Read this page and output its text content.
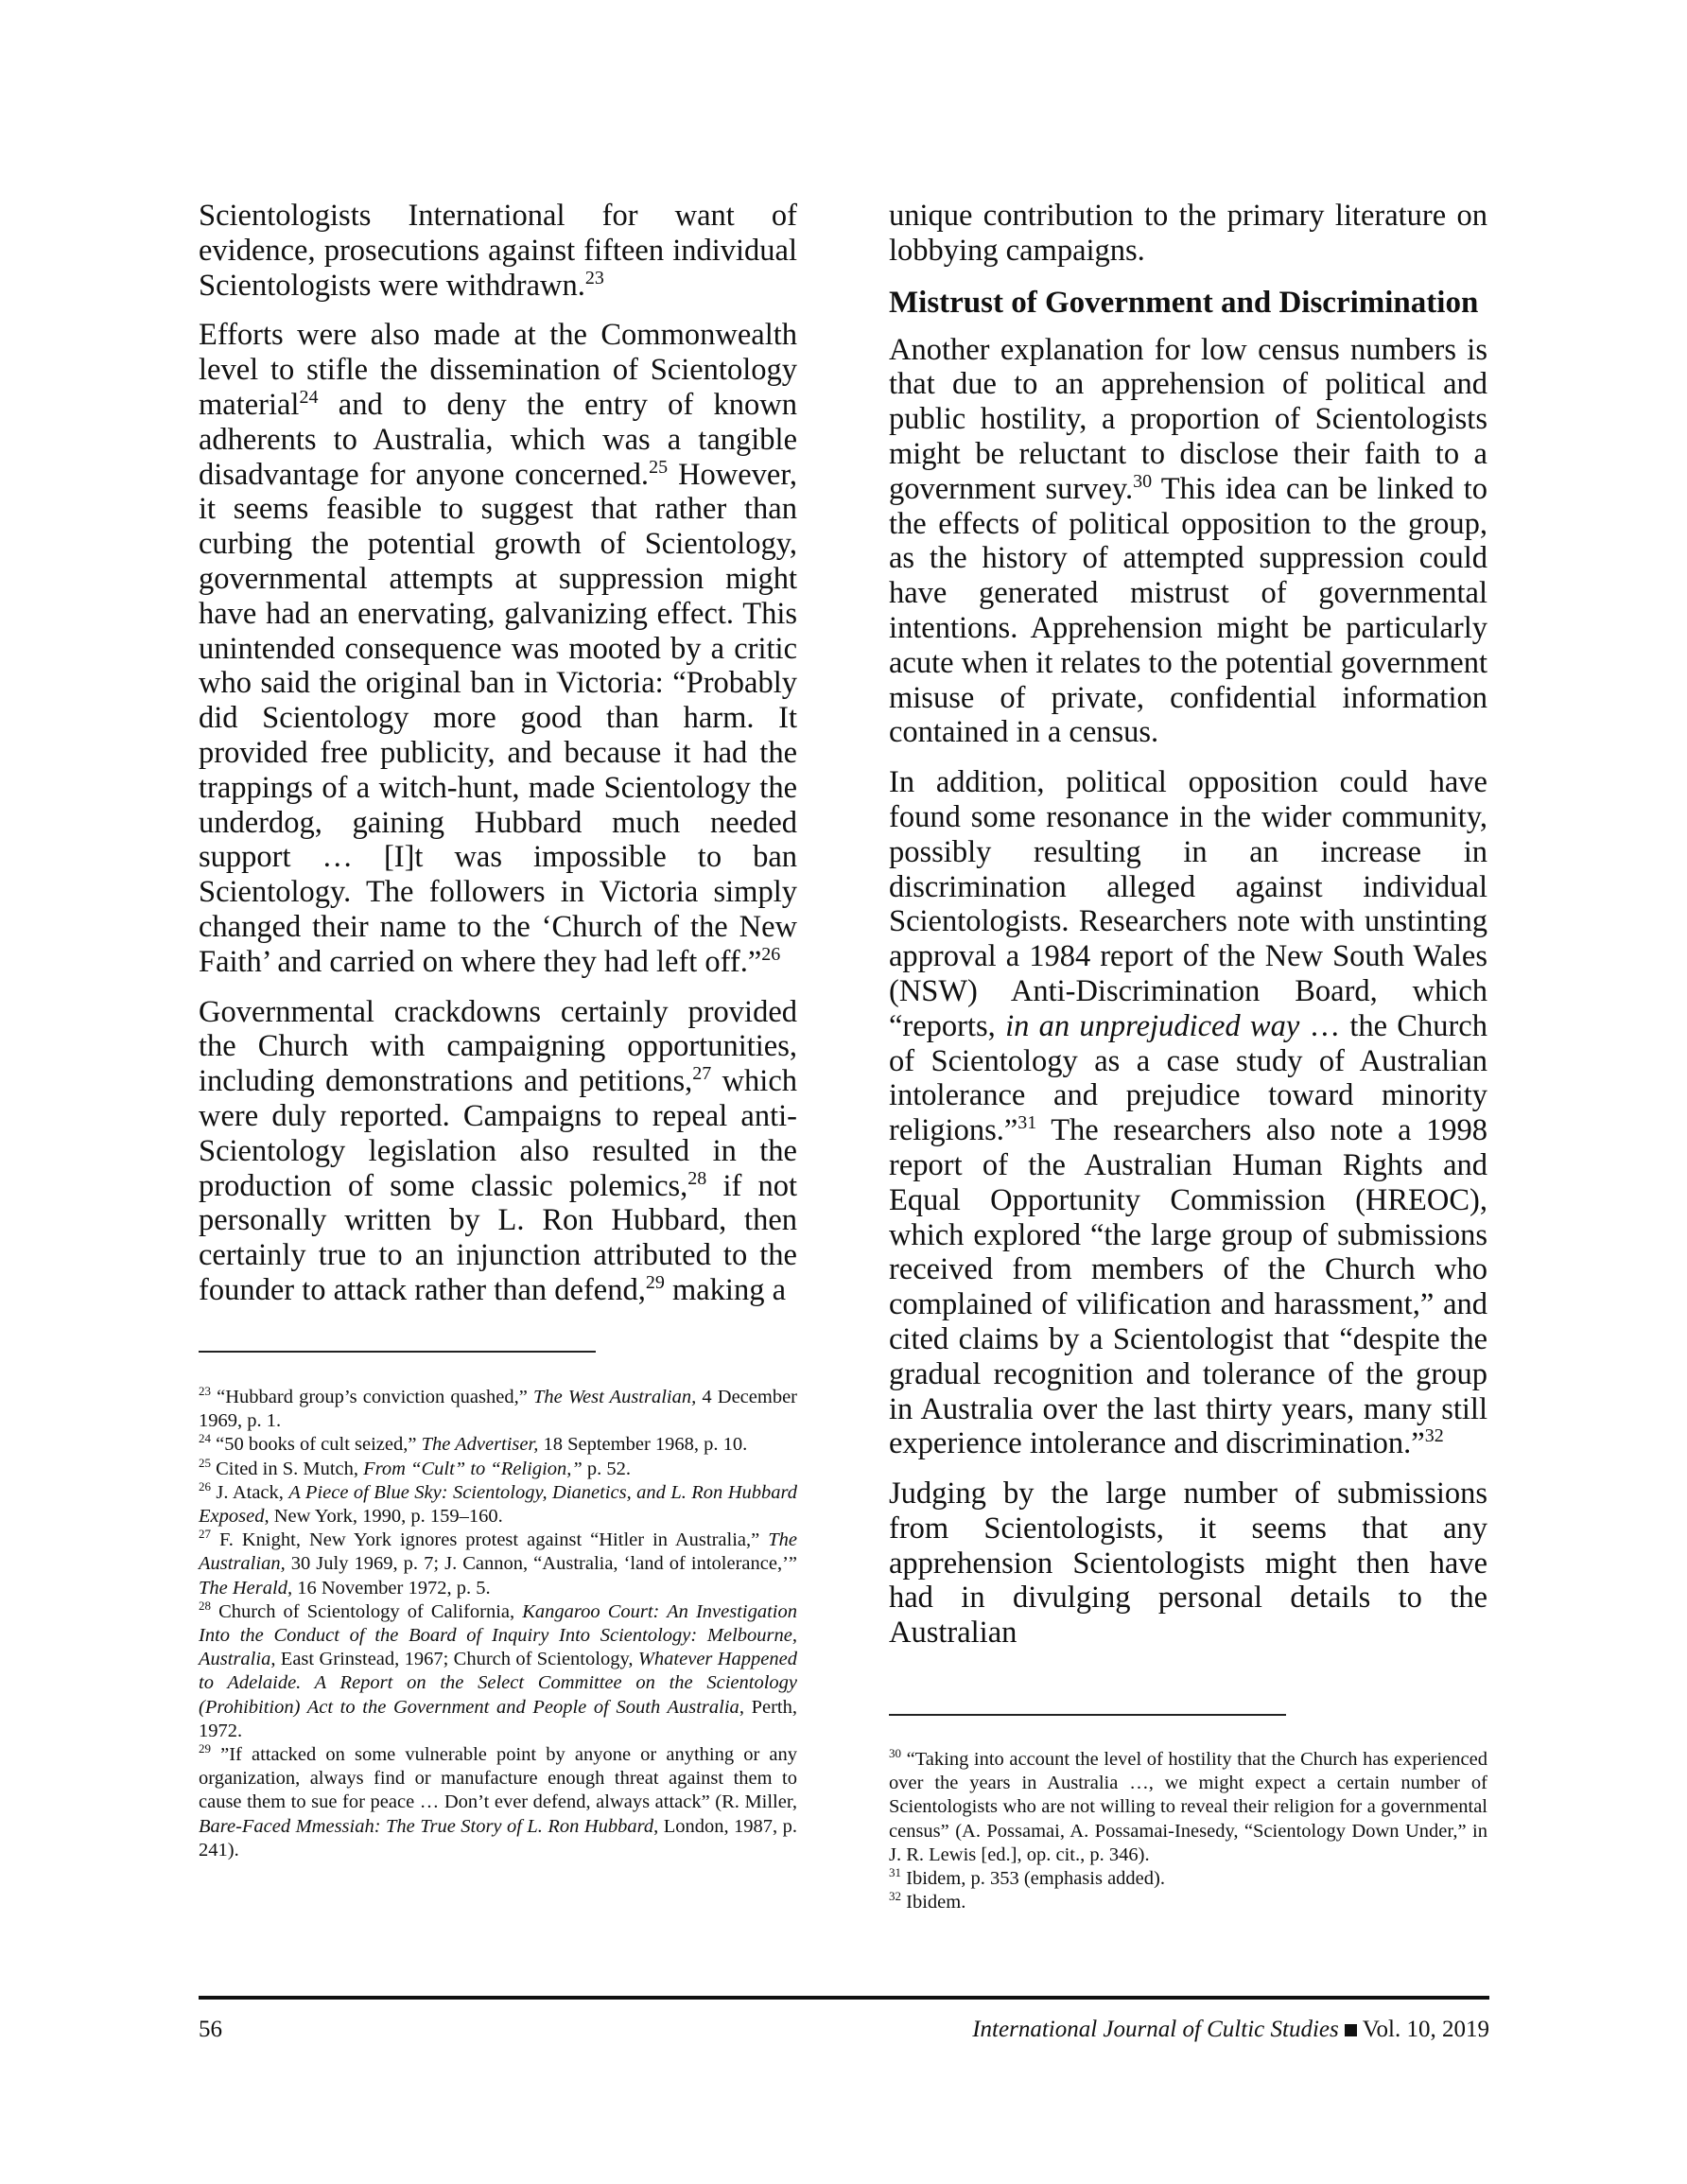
Scientologists International for want of evidence, prosecutions against fifteen individual Scientologists were withdrawn.$^{23}$

Efforts were also made at the Commonwealth level to stifle the dissemination of Scientology material$^{24}$ and to deny the entry of known adherents to Australia, which was a tangible disadvantage for anyone concerned.$^{25}$ However, it seems feasible to suggest that rather than curbing the potential growth of Scientology, governmental attempts at suppression might have had an enervating, galvanizing effect. This unintended consequence was mooted by a critic who said the original ban in Victoria: “Probably did Scientology more good than harm. It provided free publicity, and because it had the trappings of a witch-hunt, made Scientology the underdog, gaining Hubbard much needed support … [I]t was impossible to ban Scientology. The followers in Victoria simply changed their name to the ‘Church of the New Faith’ and carried on where they had left off.”$^{26}$

Governmental crackdowns certainly provided the Church with campaigning opportunities, including demonstrations and petitions,$^{27}$ which were duly reported. Campaigns to repeal anti-Scientology legislation also resulted in the production of some classic polemics,$^{28}$ if not personally written by L. Ron Hubbard, then certainly true to an injunction attributed to the founder to attack rather than defend,$^{29}$ making a

$^{23}$ “Hubbard group’s conviction quashed,” The West Australian, 4 December 1969, p. 1.

$^{24}$ “50 books of cult seized,” The Advertiser, 18 September 1968, p. 10.

$^{25}$ Cited in S. Mutch, From “Cult” to “Religion,” p. 52.

$^{26}$ J. Atack, A Piece of Blue Sky: Scientology, Dianetics, and L. Ron Hubbard Exposed, New York, 1990, p. 159–160.

$^{27}$ F. Knight, New York ignores protest against “Hitler in Australia,” The Australian, 30 July 1969, p. 7; J. Cannon, “Australia, ‘land of intolerance,’” The Herald, 16 November 1972, p. 5.

$^{28}$ Church of Scientology of California, Kangaroo Court: An Investigation Into the Conduct of the Board of Inquiry Into Scientology: Melbourne, Australia, East Grinstead, 1967; Church of Scientology, Whatever Happened to Adelaide. A Report on the Select Committee on the Scientology (Prohibition) Act to the Government and People of South Australia, Perth, 1972.

$^{29}$ ”If attacked on some vulnerable point by anyone or anything or any organization, always find or manufacture enough threat against them to cause them to sue for peace … Don’t ever defend, always attack” (R. Miller, Bare-Faced Mmessiah: The True Story of L. Ron Hubbard, London, 1987, p. 241).

unique contribution to the primary literature on lobbying campaigns.

Mistrust of Government and Discrimination

Another explanation for low census numbers is that due to an apprehension of political and public hostility, a proportion of Scientologists might be reluctant to disclose their faith to a government survey.$^{30}$ This idea can be linked to the effects of political opposition to the group, as the history of attempted suppression could have generated mistrust of governmental intentions. Apprehension might be particularly acute when it relates to the potential government misuse of private, confidential information contained in a census.

In addition, political opposition could have found some resonance in the wider community, possibly resulting in an increase in discrimination alleged against individual Scientologists. Researchers note with unstinting approval a 1984 report of the New South Wales (NSW) Anti-Discrimination Board, which “reports, in an unprejudiced way … the Church of Scientology as a case study of Australian intolerance and prejudice toward minority religions.”$^{31}$ The researchers also note a 1998 report of the Australian Human Rights and Equal Opportunity Commission (HREOC), which explored “the large group of submissions received from members of the Church who complained of vilification and harassment,” and cited claims by a Scientologist that “despite the gradual recognition and tolerance of the group in Australia over the last thirty years, many still experience intolerance and discrimination.”$^{32}$

Judging by the large number of submissions from Scientologists, it seems that any apprehension Scientologists might then have had in divulging personal details to the Australian

$^{30}$ “Taking into account the level of hostility that the Church has experienced over the years in Australia …, we might expect a certain number of Scientologists who are not willing to reveal their religion for a governmental census” (A. Possamai, A. Possamai-Inesedy, “Scientology Down Under,” in J. R. Lewis [ed.], op. cit., p. 346).

$^{31}$ Ibidem, p. 353 (emphasis added).

$^{32}$ Ibidem.

56	International Journal of Cultic Studies Vol. 10, 2019
